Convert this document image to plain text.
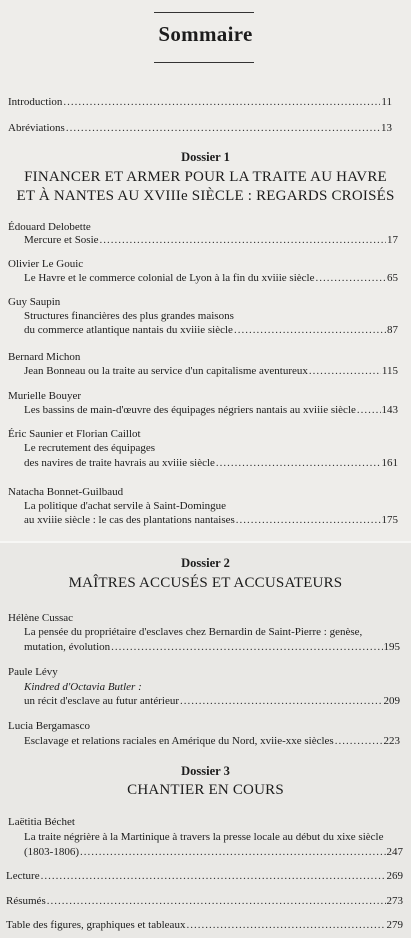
Sommaire
Introduction .....	11
Abréviations .....	13
Dossier 1
FINANCER ET ARMER POUR LA TRAITE AU HAVRE
ET À NANTES AU XVIIIe SIÈCLE : REGARDS CROISÉS
Édouard Delobette
Mercure et Sosie .....	17
Olivier Le Gouic
Le Havre et le commerce colonial de Lyon à la fin du xviiie siècle .....	65
Guy Saupin
Structures financières des plus grandes maisons
du commerce atlantique nantais du xviiie siècle .....	87
Bernard Michon
Jean Bonneau ou la traite au service d'un capitalisme aventureux .....	115
Murielle Bouyer
Les bassins de main-d'œuvre des équipages négriers nantais au xviiie siècle ..... 143
Éric Saunier et Florian Caillot
Le recrutement des équipages
des navires de traite havrais au xviiie siècle .....	161
Natacha Bonnet-Guilbaud
La politique d'achat servile à Saint-Domingue
au xviiie siècle : le cas des plantations nantaises .....	175
Dossier 2
MAÎTRES ACCUSÉS ET ACCUSATEURS
Hélène Cussac
La pensée du propriétaire d'esclaves chez Bernardin de Saint-Pierre : genèse,
mutation, évolution .....	195
Paule Lévy
Kindred d'Octavia Butler :
un récit d'esclave au futur antérieur .....	209
Lucia Bergamasco
Esclavage et relations raciales en Amérique du Nord, xviie-xxe siècles .....	223
Dossier 3
CHANTIER EN COURS
Laëtitia Béchet
La traite négrière à la Martinique à travers la presse locale au début du xixe siècle
(1803-1806) .....	247
Lecture .....	269
Résumés .....	273
Table des figures, graphiques et tableaux .....	279
